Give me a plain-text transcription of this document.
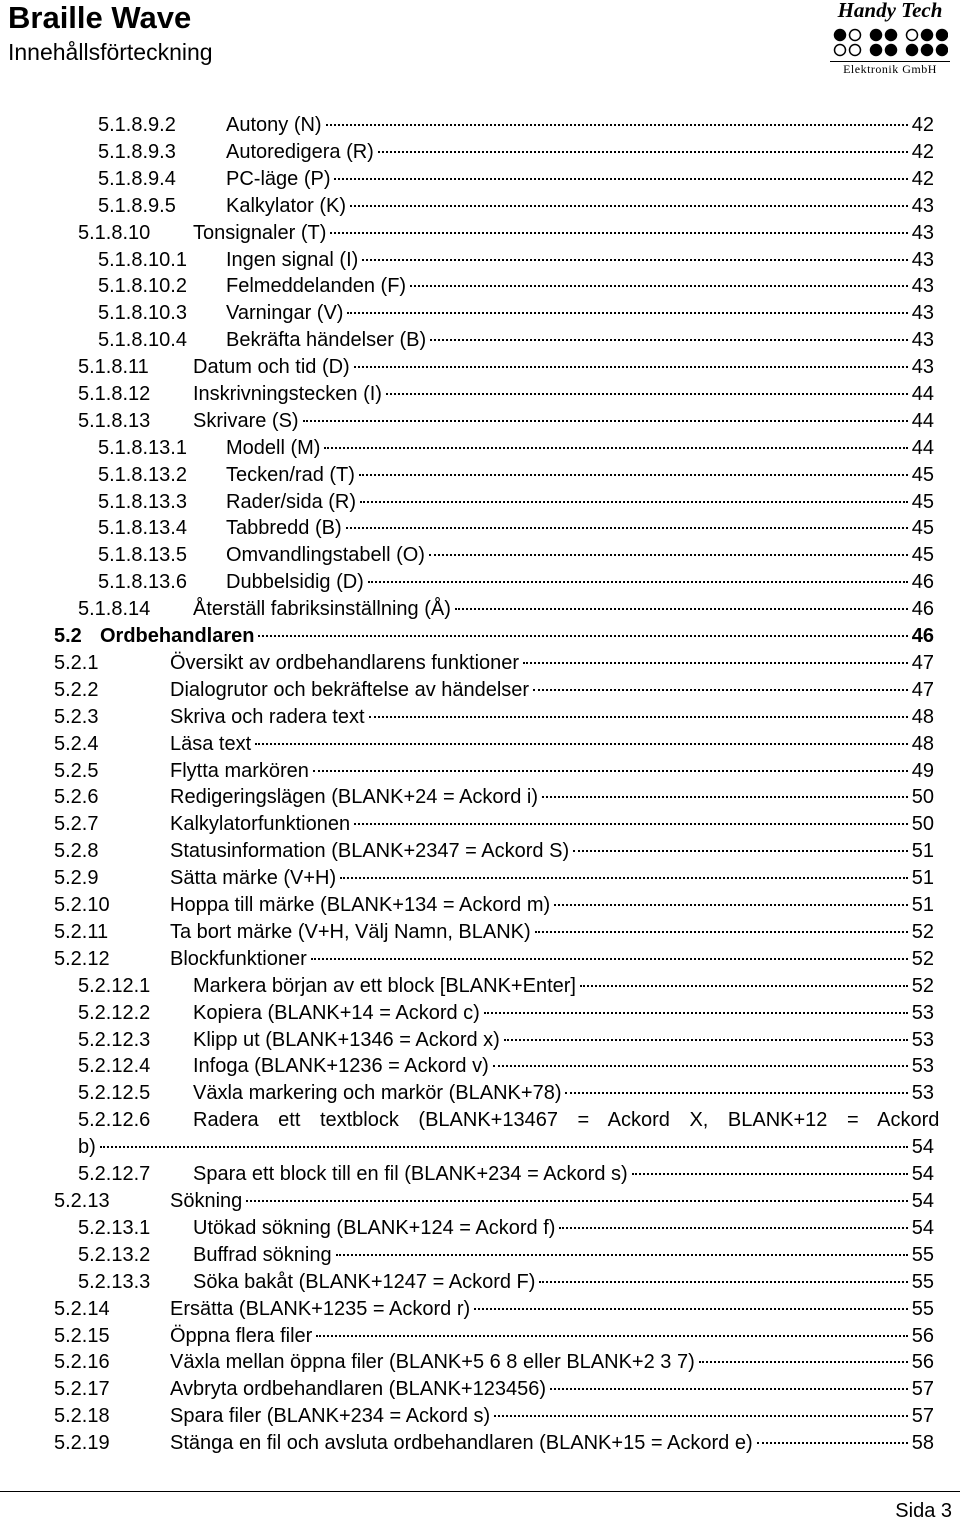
Braille Wave
Innehållsförteckning
Handy Tech
Elektronik GmbH
5.1.8.9.2	Autony (N)	42
5.1.8.9.3	Autoredigera (R)	42
5.1.8.9.4	PC-läge (P)	42
5.1.8.9.5	Kalkylator (K)	43
5.1.8.10 Tonsignaler (T)	43
5.1.8.10.1 Ingen signal (I)	43
5.1.8.10.2 Felmeddelanden (F)	43
5.1.8.10.3 Varningar (V)	43
5.1.8.10.4 Bekräfta händelser (B)	43
5.1.8.11 Datum och tid (D)	43
5.1.8.12 Inskrivningstecken (I)	44
5.1.8.13 Skrivare (S)	44
5.1.8.13.1 Modell (M)	44
5.1.8.13.2 Tecken/rad (T)	45
5.1.8.13.3 Rader/sida (R)	45
5.1.8.13.4 Tabbredd (B)	45
5.1.8.13.5 Omvandlingstabell (O)	45
5.1.8.13.6 Dubbelsidig (D)	46
5.1.8.14 Återställ fabriksinställning (Å)	46
5.2 Ordbehandlaren	46
5.2.1	Översikt av ordbehandlarens funktioner	47
5.2.2	Dialogrutor och bekräftelse av händelser	47
5.2.3	Skriva och radera text	48
5.2.4	Läsa text	48
5.2.5	Flytta markören	49
5.2.6	Redigeringslägen (BLANK+24 = Ackord i)	50
5.2.7	Kalkylatorfunktionen	50
5.2.8	Statusinformation (BLANK+2347 = Ackord S)	51
5.2.9	Sätta märke (V+H)	51
5.2.10	Hoppa till märke (BLANK+134 = Ackord m)	51
5.2.11	Ta bort märke (V+H, Välj Namn, BLANK)	52
5.2.12	Blockfunktioner	52
5.2.12.1 Markera början av ett block [BLANK+Enter]	52
5.2.12.2 Kopiera (BLANK+14 = Ackord c)	53
5.2.12.3 Klipp ut (BLANK+1346 = Ackord x)	53
5.2.12.4 Infoga (BLANK+1236 = Ackord v)	53
5.2.12.5 Växla markering och markör (BLANK+78)	53
5.2.12.6 Radera ett textblock (BLANK+13467 = Ackord X, BLANK+12 = Ackord
b)	54
5.2.12.7 Spara ett block till en fil (BLANK+234 = Ackord s)	54
5.2.13	Sökning	54
5.2.13.1 Utökad sökning (BLANK+124 = Ackord f)	54
5.2.13.2 Buffrad sökning	55
5.2.13.3 Söka bakåt (BLANK+1247 = Ackord F)	55
5.2.14	Ersätta (BLANK+1235 = Ackord r)	55
5.2.15	Öppna flera filer	56
5.2.16	Växla mellan öppna filer (BLANK+5 6 8 eller BLANK+2 3 7)	56
5.2.17	Avbryta ordbehandlaren (BLANK+123456)	57
5.2.18	Spara filer (BLANK+234 = Ackord s)	57
5.2.19	Stänga en fil och avsluta ordbehandlaren (BLANK+15 = Ackord e)	58
Sida 3
